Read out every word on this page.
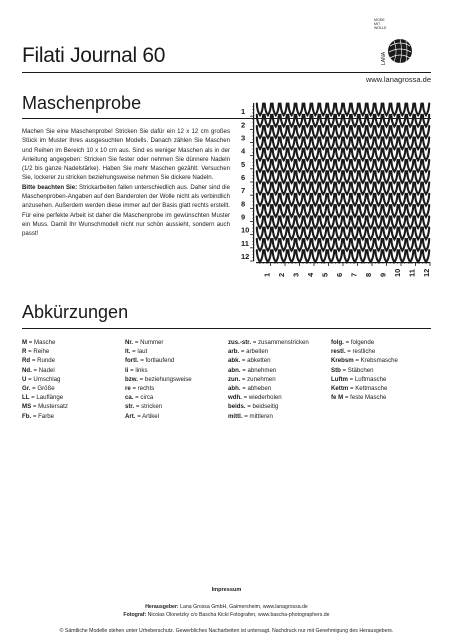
Filati Journal 60
MODE
MIT
WOLLE
LANA
www.lanagrossa.de
Maschenprobe

Machen Sie eine Maschenprobe! Stricken Sie dafür ein 12 x 12 cm großes Stück im Muster Ihres ausgesuchten Modells. Danach zählen Sie Maschen und Reihen im Bereich 10 x 10 cm aus. Sind es weniger Maschen als in der Anleitung angegeben: Stricken Sie fester oder nehmen Sie dünnere Nadeln (1/2 bis ganze Nadelstärke). Haben Sie mehr Maschen gezählt: Versuchen Sie, lockerer zu stricken beziehungsweise nehmen Sie dickere Nadeln.

Bitte beachten Sie: Strickarbeiten fallen unterschiedlich aus. Daher sind die Maschenproben-Angaben auf den Banderolen der Wolle nicht als verbindlich anzusehen. Außerdem werden diese immer auf der Basis glatt rechts erstellt. Für eine perfekte Arbeit ist daher die Maschenprobe im gewünschten Muster ein Muss. Damit Ihr Wunschmodell nicht nur schön aussieht, sondern auch passt!

1
2
3
4
5
6
7
8
9
10
11
12
1 2 3 4 5 6 7 8 9 10 11 12
Abkürzungen
M = Masche
R = Reihe
Rd = Runde
Nd. = Nadel
U = Umschlag
Gr. = Größe
LL = Lauflänge
MS = Mustersatz
Fb. = Farbe
Nr. = Nummer
lt. = laut
fortl. = fortlaufend
li = links
bzw. = beziehungsweise
re = rechts
ca. = circa
str. = stricken
Art. = Artikel
zus.-str. = zusammenstricken
arb. = arbeiten
abk. = abketten
abn. = abnehmen
zun. = zunehmen
abh. = abheben
wdh. = wiederholen
beids. = beidseitig
mittl. = mittleren
folg. = folgende
restl. = restliche
Krebsm = Krebsmasche
Stb = Stäbchen
Luftm = Luftmasche
Kettm = Kettmasche
fe M = feste Masche
Impressum
Herausgeber: Lana Grossa GmbH, Gaimersheim, www.lanagrossa.de
Fotograf: Nicolas Olonetzky c/o Bascha Kicki Fotografen, www.bascha-photographers.de
© Sämtliche Modelle stehen unter Urheberschutz. Gewerbliches Nacharbeiten ist untersagt. Nachdruck nur mit Genehmigung des Herausgebers.
